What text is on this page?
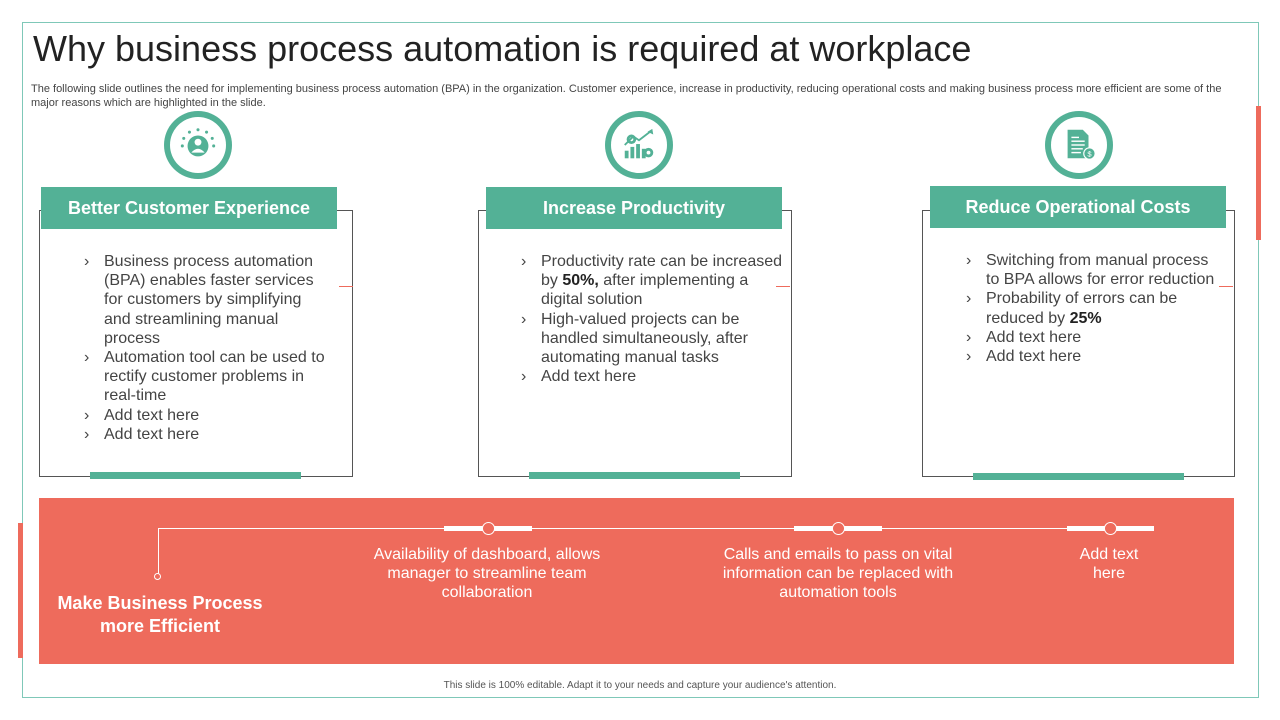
Why business process automation is required at workplace

The following slide outlines the need for implementing business process automation (BPA) in the organization. Customer experience, increase in productivity, reducing operational costs and making business process more efficient are some of the major reasons which are highlighted in the slide.

$
Better Customer Experience
› Business process automation (BPA) enables faster services for customers by simplifying and streamlining manual process
› Automation tool can be used to rectify customer problems in real-time
› Add text here
› Add text here
Increase Productivity
› Productivity rate can be increased by 50%, after implementing a digital solution
› High-valued projects can be handled simultaneously, after automating manual tasks
› Add text here
Reduce Operational Costs
› Switching from manual process to BPA allows for error reduction
› Probability of errors can be reduced by 25%
› Add text here
› Add text here

Make Business Process more Efficient

Availability of dashboard, allows manager to streamline team collaboration

Calls and emails to pass on vital information can be replaced with automation tools

Add text here

This slide is 100% editable. Adapt it to your needs and capture your audience's attention.
